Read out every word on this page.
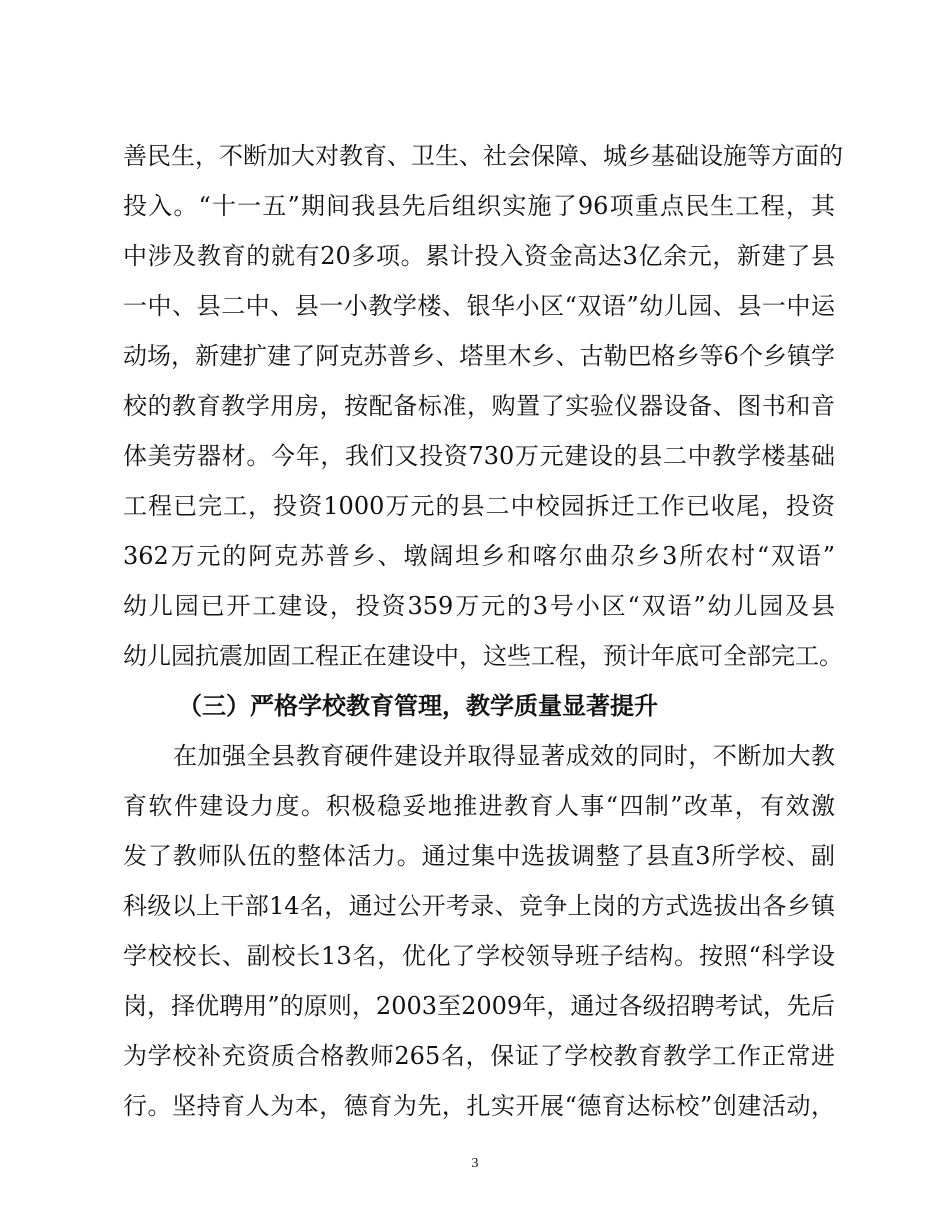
善民生，不断加大对教育、卫生、社会保障、城乡基础设施等方面的
投入。“十一五”期间我县先后组织实施了96项重点民生工程，其
中涉及教育的就有20多项。累计投入资金高达3亿余元，新建了县
一中、县二中、县一小教学楼、银华小区“双语”幼儿园、县一中运
动场，新建扩建了阿克苏普乡、塔里木乡、古勒巴格乡等6个乡镇学
校的教育教学用房，按配备标准，购置了实验仪器设备、图书和音
体美劳器材。今年，我们又投资730万元建设的县二中教学楼基础
工程已完工，投资1000万元的县二中校园拆迁工作已收尾，投资
362万元的阿克苏普乡、墩阔坦乡和喀尔曲尕乡3所农村“双语”
幼儿园已开工建设，投资359万元的3号小区“双语”幼儿园及县
幼儿园抗震加固工程正在建设中，这些工程，预计年底可全部完工。
（三）严格学校教育管理，教学质量显著提升
在加强全县教育硬件建设并取得显著成效的同时，不断加大教
育软件建设力度。积极稳妥地推进教育人事“四制”改革，有效激
发了教师队伍的整体活力。通过集中选拔调整了县直3所学校、副
科级以上干部14名，通过公开考录、竞争上岗的方式选拔出各乡镇
学校校长、副校长13名，优化了学校领导班子结构。按照“科学设
岗，择优聘用”的原则，2003至2009年，通过各级招聘考试，先后
为学校补充资质合格教师265名，保证了学校教育教学工作正常进
行。坚持育人为本，德育为先，扎实开展“德育达标校”创建活动，
3
